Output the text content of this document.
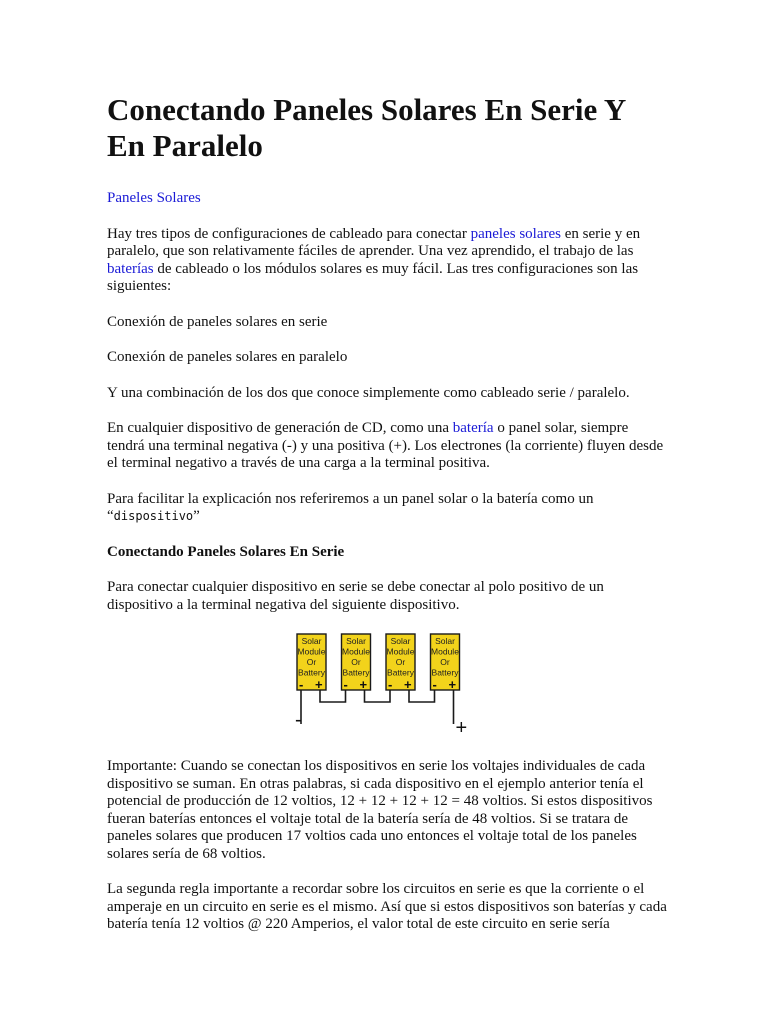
Conectando Paneles Solares En Serie Y En Paralelo

Paneles Solares

Hay tres tipos de configuraciones de cableado para conectar paneles solares en serie y en paralelo, que son relativamente fáciles de aprender. Una vez aprendido, el trabajo de las baterías de cableado o los módulos solares es muy fácil. Las tres configuraciones son las siguientes:

Conexión de paneles solares en serie

Conexión de paneles solares en paralelo

Y una combinación de los dos que conoce simplemente como cableado serie / paralelo.

En cualquier dispositivo de generación de CD, como una batería o panel solar, siempre tendrá una terminal negativa (-) y una positiva (+). Los electrones (la corriente) fluyen desde el terminal negativo a través de una carga a la terminal positiva.

Para facilitar la explicación nos referiremos a un panel solar o la batería como un “dispositivo”

Conectando Paneles Solares En Serie

Para conectar cualquier dispositivo en serie se debe conectar al polo positivo de un dispositivo a la terminal negativa del siguiente dispositivo.

Solar
Module
Or
Battery
- +
Solar
Module
Or
Battery
- +
Solar
Module
Or
Battery
- +
Solar
Module
Or
Battery
- +
-	+

Importante: Cuando se conectan los dispositivos en serie los voltajes individuales de cada dispositivo se suman. En otras palabras, si cada dispositivo en el ejemplo anterior tenía el potencial de producción de 12 voltios, 12 + 12 + 12 + 12 = 48 voltios. Si estos dispositivos fueran baterías entonces el voltaje total de la batería sería de 48 voltios. Si se tratara de paneles solares que producen 17 voltios cada uno entonces el voltaje total de los paneles solares sería de 68 voltios.

La segunda regla importante a recordar sobre los circuitos en serie es que la corriente o el amperaje en un circuito en serie es el mismo. Así que si estos dispositivos son baterías y cada batería tenía 12 voltios @ 220 Amperios, el valor total de este circuito en serie sería
